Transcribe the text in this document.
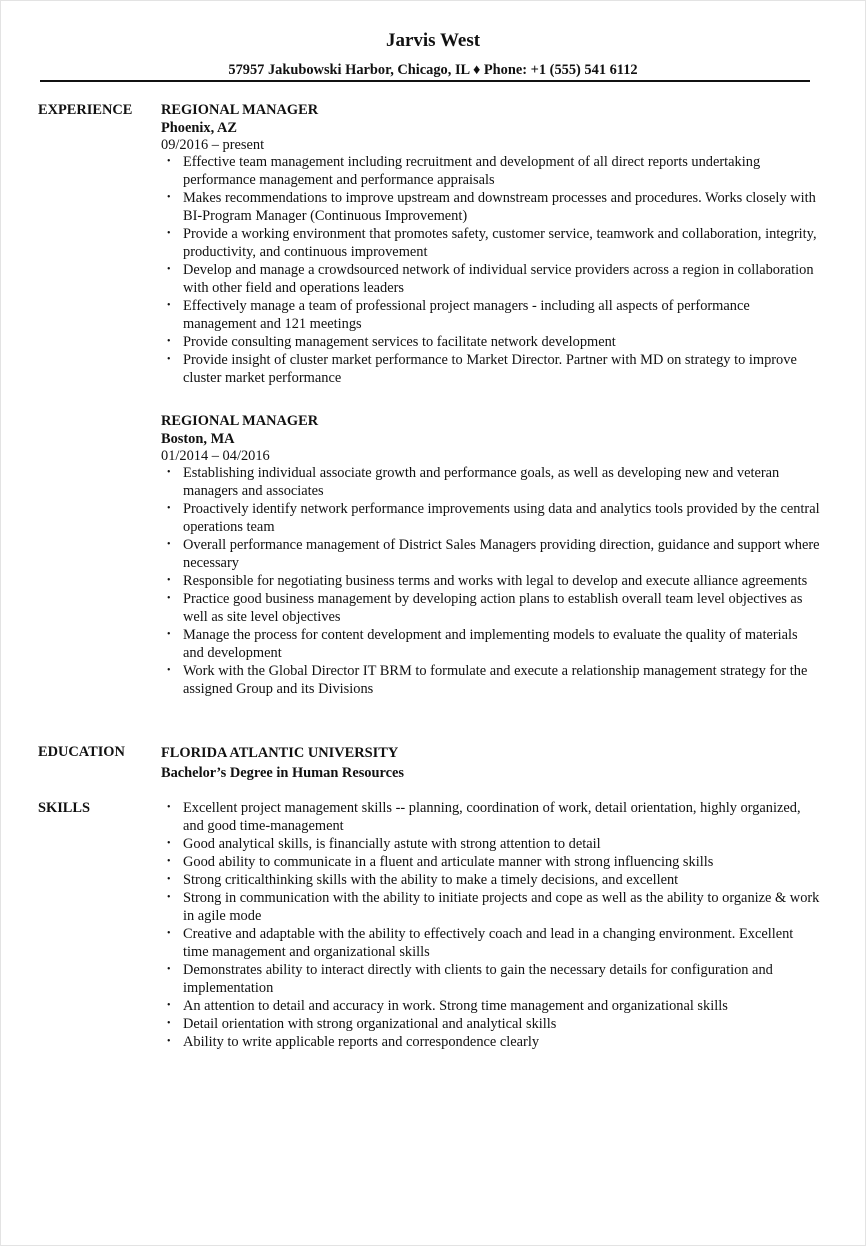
Jarvis West
57957 Jakubowski Harbor, Chicago, IL ♦ Phone: +1 (555) 541 6112
EXPERIENCE	REGIONAL MANAGER
Phoenix, AZ
09/2016 – present
• Effective team management including recruitment and development of all direct reports undertaking performance management and performance appraisals
• Makes recommendations to improve upstream and downstream processes and procedures. Works closely with BI-Program Manager (Continuous Improvement)
• Provide a working environment that promotes safety, customer service, teamwork and collaboration, integrity, productivity, and continuous improvement
• Develop and manage a crowdsourced network of individual service providers across a region in collaboration with other field and operations leaders
• Effectively manage a team of professional project managers - including all aspects of performance management and 121 meetings
• Provide consulting management services to facilitate network development
• Provide insight of cluster market performance to Market Director. Partner with MD on strategy to improve cluster market performance
REGIONAL MANAGER
Boston, MA
01/2014 – 04/2016
• Establishing individual associate growth and performance goals, as well as developing new and veteran managers and associates
• Proactively identify network performance improvements using data and analytics tools provided by the central operations team
• Overall performance management of District Sales Managers providing direction, guidance and support where necessary
• Responsible for negotiating business terms and works with legal to develop and execute alliance agreements
• Practice good business management by developing action plans to establish overall team level objectives as well as site level objectives
• Manage the process for content development and implementing models to evaluate the quality of materials and development
• Work with the Global Director IT BRM to formulate and execute a relationship management strategy for the assigned Group and its Divisions
EDUCATION	FLORIDA ATLANTIC UNIVERSITY
Bachelor’s Degree in Human Resources
SKILLS	• Excellent project management skills -- planning, coordination of work, detail orientation, highly organized, and good time-management
• Good analytical skills, is financially astute with strong attention to detail
• Good ability to communicate in a fluent and articulate manner with strong influencing skills
• Strong criticalthinking skills with the ability to make a timely decisions, and excellent
• Strong in communication with the ability to initiate projects and cope as well as the ability to organize & work in agile mode
• Creative and adaptable with the ability to effectively coach and lead in a changing environment. Excellent time management and organizational skills
• Demonstrates ability to interact directly with clients to gain the necessary details for configuration and implementation
• An attention to detail and accuracy in work. Strong time management and organizational skills
• Detail orientation with strong organizational and analytical skills
• Ability to write applicable reports and correspondence clearly
